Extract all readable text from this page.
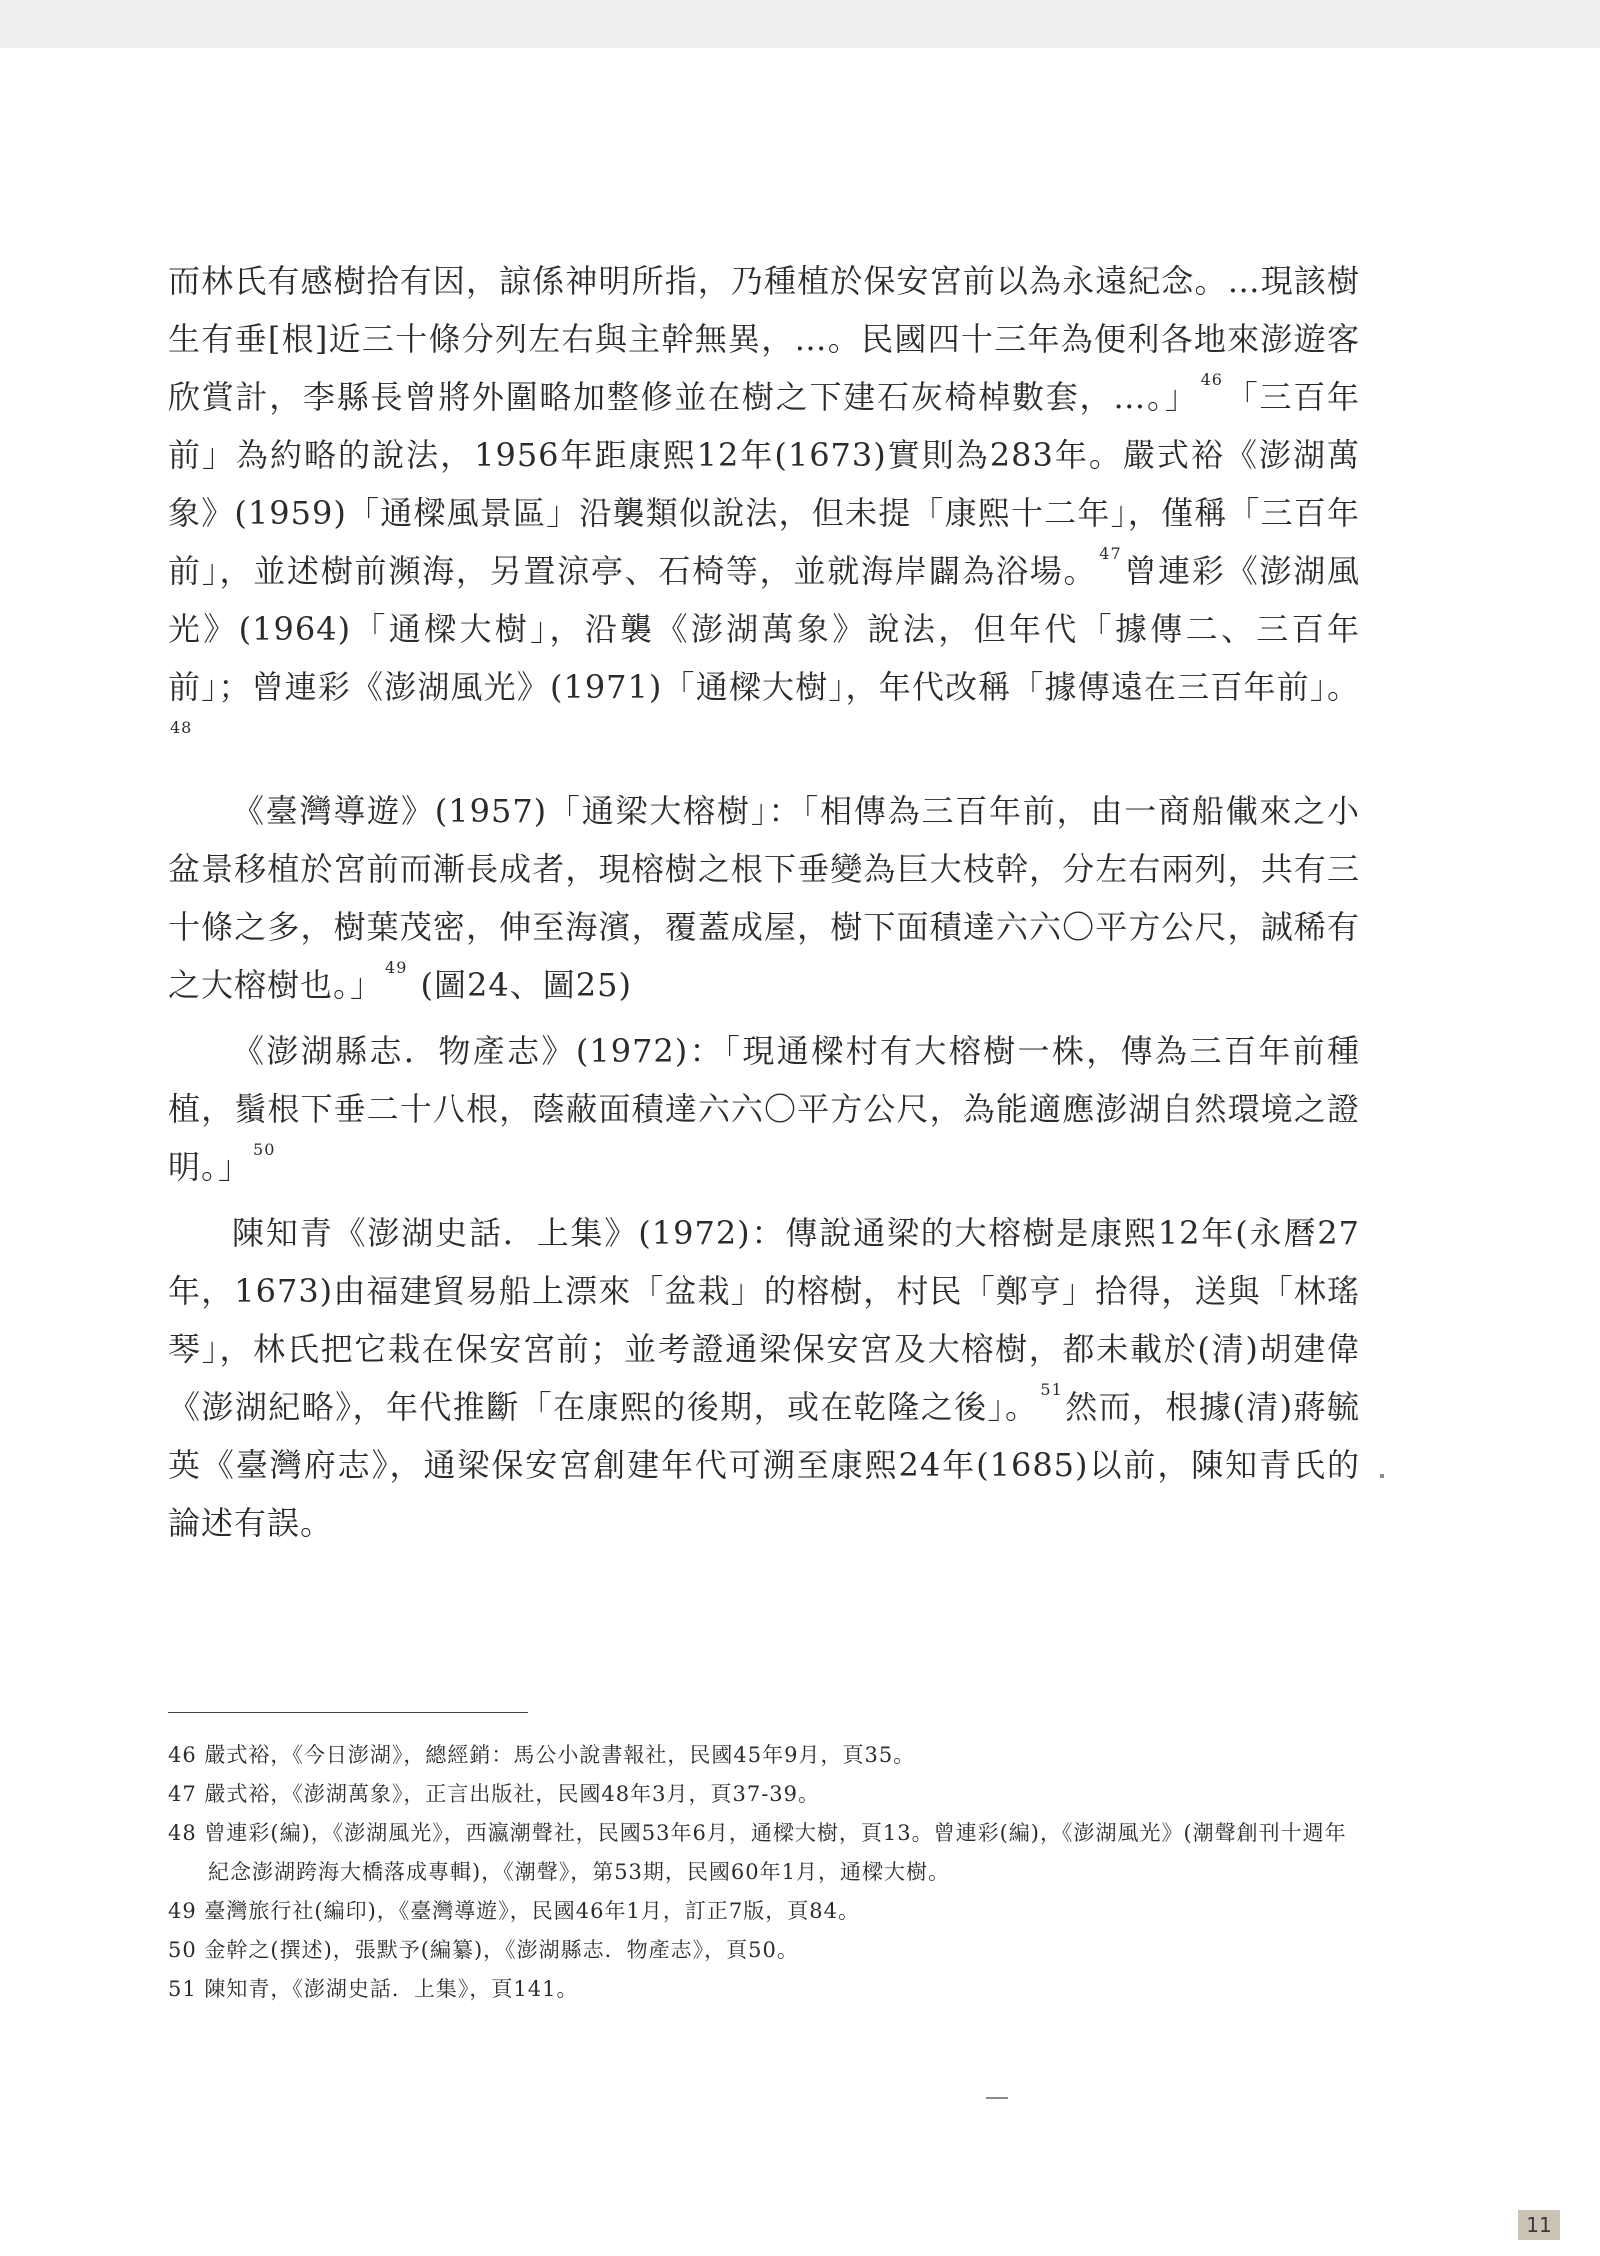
而林氏有感樹拾有因，諒係神明所指，乃種植於保安宮前以為永遠紀念。…現該樹生有垂[根]近三十條分列左右與主幹無異，…。民國四十三年為便利各地來澎遊客欣賞計，李縣長曾將外圍略加整修並在樹之下建石灰椅棹數套，…。」 $^{46}$「三百年前」為約略的說法，1956年距康熙12年(1673)實則為283年。嚴式裕《澎湖萬象》(1959)「通樑風景區」沿襲類似說法，但未提「康熙十二年」，僅稱「三百年前」，並述樹前瀕海，另置涼亭、石椅等，並就海岸闢為浴場。 $^{47}$曾連彩《澎湖風光》(1964)「通樑大樹」，沿襲《澎湖萬象》說法，但年代「據傳二、三百年前」；曾連彩《澎湖風光》(1971)「通樑大樹」，年代改稱「據傳遠在三百年前」。$^{48}$

《臺灣導遊》(1957)「通梁大榕樹」：「相傳為三百年前，由一商船儎來之小盆景移植於宮前而漸長成者，現榕樹之根下垂變為巨大枝幹，分左右兩列，共有三十條之多，樹葉茂密，伸至海濱，覆蓋成屋，樹下面積達六六〇平方公尺，誠稀有之大榕樹也。」 $^{49}$ (圖24、圖25)

《澎湖縣志．物產志》(1972)：「現通樑村有大榕樹一株，傳為三百年前種植，鬚根下垂二十八根，蔭蔽面積達六六〇平方公尺，為能適應澎湖自然環境之證明。」 $^{50}$

陳知青《澎湖史話．上集》(1972)：傳說通梁的大榕樹是康熙12年(永曆27年，1673)由福建貿易船上漂來「盆栽」的榕樹，村民「鄭亨」拾得，送與「林瑤琴」，林氏把它栽在保安宮前；並考證通梁保安宮及大榕樹，都未載於(清)胡建偉《澎湖紀略》，年代推斷「在康熙的後期，或在乾隆之後」。 $^{51}$然而，根據(清)蔣毓英《臺灣府志》，通梁保安宮創建年代可溯至康熙24年(1685)以前，陳知青氏的論述有誤。

46 嚴式裕，《今日澎湖》，總經銷：馬公小說書報社，民國45年9月，頁35。

47 嚴式裕，《澎湖萬象》，正言出版社，民國48年3月，頁37-39。

48 曾連彩(編)，《澎湖風光》，西瀛潮聲社，民國53年6月，通樑大樹，頁13。曾連彩(編)，《澎湖風光》(潮聲創刊十週年紀念澎湖跨海大橋落成專輯)，《潮聲》，第53期，民國60年1月，通樑大樹。

49 臺灣旅行社(編印)，《臺灣導遊》，民國46年1月，訂正7版，頁84。

50 金幹之(撰述)，張默予(編纂)，《澎湖縣志．物產志》，頁50。

51 陳知青，《澎湖史話．上集》，頁141。

11
